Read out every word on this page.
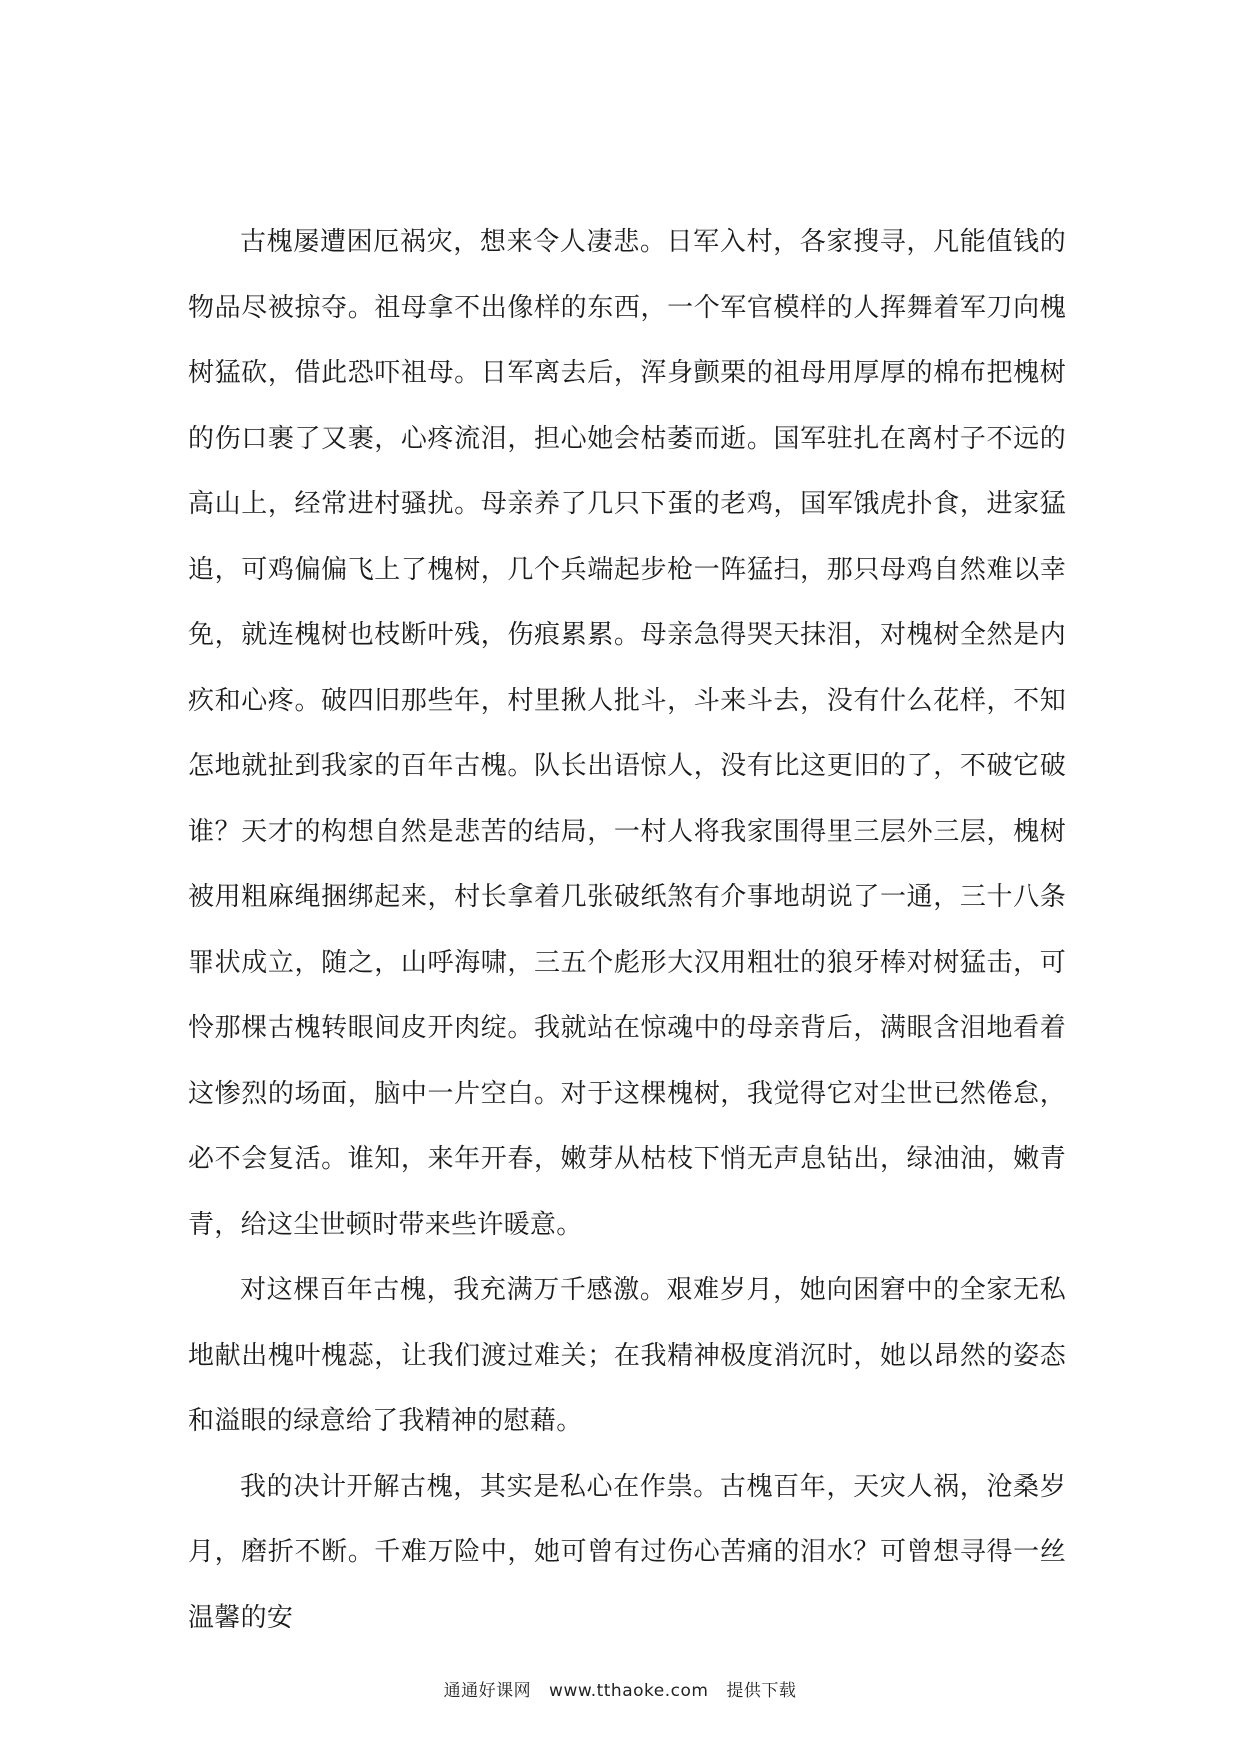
古槐屡遭困厄祸灾，想来令人凄悲。日军入村，各家搜寻，凡能值钱的物品尽被掠夺。祖母拿不出像样的东西，一个军官模样的人挥舞着军刀向槐树猛砍，借此恐吓祖母。日军离去后，浑身颤栗的祖母用厚厚的棉布把槐树的伤口裹了又裹，心疼流泪，担心她会枯萎而逝。国军驻扎在离村子不远的高山上，经常进村骚扰。母亲养了几只下蛋的老鸡，国军饿虎扑食，进家猛追，可鸡偏偏飞上了槐树，几个兵端起步枪一阵猛扫，那只母鸡自然难以幸免，就连槐树也枝断叶残，伤痕累累。母亲急得哭天抹泪，对槐树全然是内疚和心疼。破四旧那些年，村里揪人批斗，斗来斗去，没有什么花样，不知怎地就扯到我家的百年古槐。队长出语惊人，没有比这更旧的了，不破它破谁？天才的构想自然是悲苦的结局，一村人将我家围得里三层外三层，槐树被用粗麻绳捆绑起来，村长拿着几张破纸煞有介事地胡说了一通，三十八条罪状成立，随之，山呼海啸，三五个彪形大汉用粗壮的狼牙棒对树猛击，可怜那棵古槐转眼间皮开肉绽。我就站在惊魂中的母亲背后，满眼含泪地看着这惨烈的场面，脑中一片空白。对于这棵槐树，我觉得它对尘世已然倦怠，必不会复活。谁知，来年开春，嫩芽从枯枝下悄无声息钻出，绿油油，嫩青青，给这尘世顿时带来些许暖意。

对这棵百年古槐，我充满万千感激。艰难岁月，她向困窘中的全家无私地献出槐叶槐蕊，让我们渡过难关；在我精神极度消沉时，她以昂然的姿态和溢眼的绿意给了我精神的慰藉。

我的决计开解古槐，其实是私心在作祟。古槐百年，天灾人祸，沧桑岁月，磨折不断。千难万险中，她可曾有过伤心苦痛的泪水？可曾想寻得一丝温馨的安

通通好课网 www.tthaoke.com 提供下载
